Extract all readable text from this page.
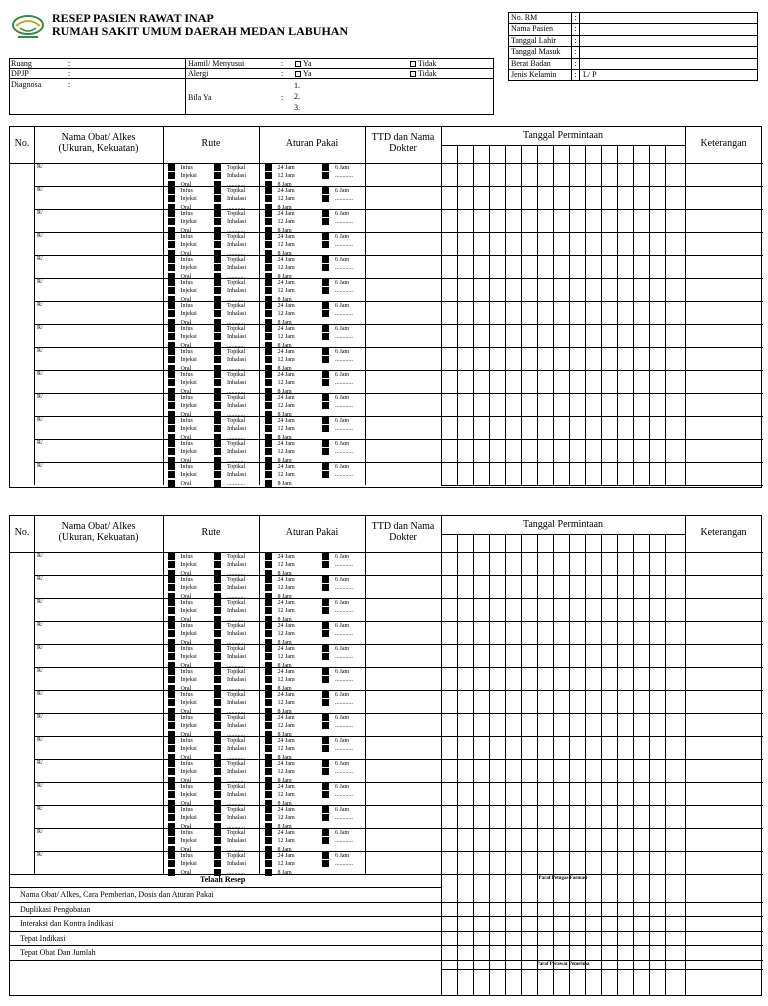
RESEP PASIEN RAWAT INAP
RUMAH SAKIT UMUM DAERAH MEDAN LABUHAN
No. RM	:
Nama Pasien	:
Tanggal Lahir	:
Tanggal Masuk	:
Berat Badan	:
Jenis Kelamin	: L/ P
Ruang	:
DPJP	:
Diagnosa	:
Hamil/ Menyusui	:	Ya	Tidak
Alergi	:	Ya	Tidak
Bila Ya	:
1.
2.
3.
No.
Nama Obat/ Alkes
(Ukuran, Kekuatan)	Rute	Aturan Pakai
TTD dan Nama
Dokter
Tanggal Permintaan
Keterangan
R/	Infus	Topikal
Injeksi	Inhalasi
Oral	............
24 Jam	6 Jam
12 Jam	............
8 Jam
R/	Infus	Topikal
Injeksi	Inhalasi
Oral	............
24 Jam	6 Jam
12 Jam	............
8 Jam
R/	Infus	Topikal
Injeksi	Inhalasi
Oral	............
24 Jam	6 Jam
12 Jam	............
8 Jam
R/	Infus	Topikal
Injeksi	Inhalasi
Oral	............
24 Jam	6 Jam
12 Jam	............
8 Jam
R/	Infus	Topikal
Injeksi	Inhalasi
Oral	............
24 Jam	6 Jam
12 Jam	............
8 Jam
R/	Infus	Topikal
Injeksi	Inhalasi
Oral	............
24 Jam	6 Jam
12 Jam	............
8 Jam
R/	Infus	Topikal
Injeksi	Inhalasi
Oral	............
24 Jam	6 Jam
12 Jam	............
8 Jam
R/	Infus	Topikal
Injeksi	Inhalasi
Oral	............
24 Jam	6 Jam
12 Jam	............
8 Jam
R/	Infus	Topikal
Injeksi	Inhalasi
Oral	............
24 Jam	6 Jam
12 Jam	............
8 Jam
R/	Infus	Topikal
Injeksi	Inhalasi
Oral	............
24 Jam	6 Jam
12 Jam	............
8 Jam
R/	Infus	Topikal
Injeksi	Inhalasi
Oral	............
24 Jam	6 Jam
12 Jam	............
8 Jam
R/	Infus	Topikal
Injeksi	Inhalasi
Oral	............
24 Jam	6 Jam
12 Jam	............
8 Jam
R/	Infus	Topikal
Injeksi	Inhalasi
Oral	............
24 Jam	6 Jam
12 Jam	............
8 Jam
R/	Infus	Topikal
Injeksi	Inhalasi
Oral	............
24 Jam	6 Jam
12 Jam	............
8 Jam
No.
Nama Obat/ Alkes
(Ukuran, Kekuatan)	Rute	Aturan Pakai
TTD dan Nama
Dokter
Tanggal Permintaan
Keterangan
R/	Infus	Topikal
Injeksi	Inhalasi
Oral	............
24 Jam	6 Jam
12 Jam	............
8 Jam
R/	Infus	Topikal
Injeksi	Inhalasi
Oral	............
24 Jam	6 Jam
12 Jam	............
8 Jam
R/	Infus	Topikal
Injeksi	Inhalasi
Oral	............
24 Jam	6 Jam
12 Jam	............
8 Jam
R/	Infus	Topikal
Injeksi	Inhalasi
Oral	............
24 Jam	6 Jam
12 Jam	............
8 Jam
R/	Infus	Topikal
Injeksi	Inhalasi
Oral	............
24 Jam	6 Jam
12 Jam	............
8 Jam
R/	Infus	Topikal
Injeksi	Inhalasi
Oral	............
24 Jam	6 Jam
12 Jam	............
8 Jam
R/	Infus	Topikal
Injeksi	Inhalasi
Oral	............
24 Jam	6 Jam
12 Jam	............
8 Jam
R/	Infus	Topikal
Injeksi	Inhalasi
Oral	............
24 Jam	6 Jam
12 Jam	............
8 Jam
R/	Infus	Topikal
Injeksi	Inhalasi
Oral	............
24 Jam	6 Jam
12 Jam	............
8 Jam
R/	Infus	Topikal
Injeksi	Inhalasi
Oral	............
24 Jam	6 Jam
12 Jam	............
8 Jam
R/	Infus	Topikal
Injeksi	Inhalasi
Oral	............
24 Jam	6 Jam
12 Jam	............
8 Jam
R/	Infus	Topikal
Injeksi	Inhalasi
Oral	............
24 Jam	6 Jam
12 Jam	............
8 Jam
R/	Infus	Topikal
Injeksi	Inhalasi
Oral	............
24 Jam	6 Jam
12 Jam	............
8 Jam
R/	Infus	Topikal
Injeksi	Inhalasi
Oral	............
24 Jam	6 Jam
12 Jam	............
8 Jam
Telaah Resep
Nama Obat/ Alkes, Cara Pemberian, Dosis dan Aturan Pakai
Duplikasi Pengobatan
Interaksi dan Kontra Indikasi
Tepat Indikasi
Tepat Obat Dan Jumlah
Paraf Petugas Farmasi
Paraf Perawat Penerima
